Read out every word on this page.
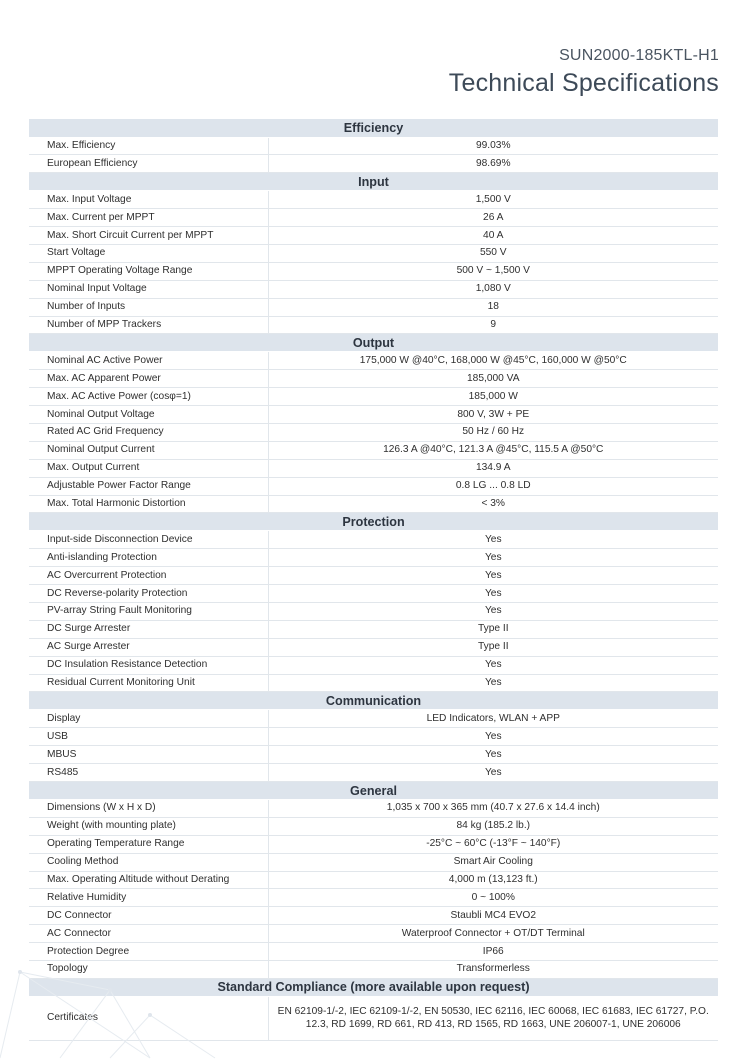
SUN2000-185KTL-H1
Technical Specifications
Efficiency	
Max. Efficiency	99.03%
European Efficiency	98.69%
Input	
Max. Input Voltage	1,500 V
Max. Current per MPPT	26 A
Max. Short Circuit Current per MPPT	40 A
Start Voltage	550 V
MPPT Operating Voltage Range	500 V ~ 1,500 V
Nominal Input Voltage	1,080 V
Number of Inputs	18
Number of MPP Trackers	9
Output	
Nominal AC Active Power	175,000 W @40°C, 168,000 W @45°C, 160,000 W @50°C
Max. AC Apparent Power	185,000 VA
Max. AC Active Power (cosφ=1)	185,000 W
Nominal Output Voltage	800 V, 3W + PE
Rated AC Grid Frequency	50 Hz / 60 Hz
Nominal Output Current	126.3 A @40°C, 121.3 A @45°C, 115.5 A @50°C
Max. Output Current	134.9 A
Adjustable Power Factor Range	0.8 LG ... 0.8 LD
Max. Total Harmonic Distortion	< 3%
Protection	
Input-side Disconnection Device	Yes
Anti-islanding Protection	Yes
AC Overcurrent Protection	Yes
DC Reverse-polarity Protection	Yes
PV-array String Fault Monitoring	Yes
DC Surge Arrester	Type II
AC Surge Arrester	Type II
DC Insulation Resistance Detection	Yes
Residual Current Monitoring Unit	Yes
Communication	
Display	LED Indicators, WLAN + APP
USB	Yes
MBUS	Yes
RS485	Yes
General	
Dimensions (W x H x D)	1,035 x 700 x 365 mm (40.7 x 27.6 x 14.4 inch)
Weight (with mounting plate)	84 kg (185.2 lb.)
Operating Temperature Range	-25°C ~ 60°C (-13°F ~ 140°F)
Cooling Method	Smart Air Cooling
Max. Operating Altitude without Derating	4,000 m (13,123 ft.)
Relative Humidity	0 ~ 100%
DC Connector	Staubli MC4 EVO2
AC Connector	Waterproof Connector + OT/DT Terminal
Protection Degree	IP66
Topology	Transformerless
Standard Compliance (more available upon request)	
Certificates	EN 62109-1/-2, IEC 62109-1/-2, EN 50530, IEC 62116, IEC 60068, IEC 61683, IEC 61727, P.O. 12.3, RD 1699, RD 661, RD 413, RD 1565, RD 1663, UNE 206007-1, UNE 206006
